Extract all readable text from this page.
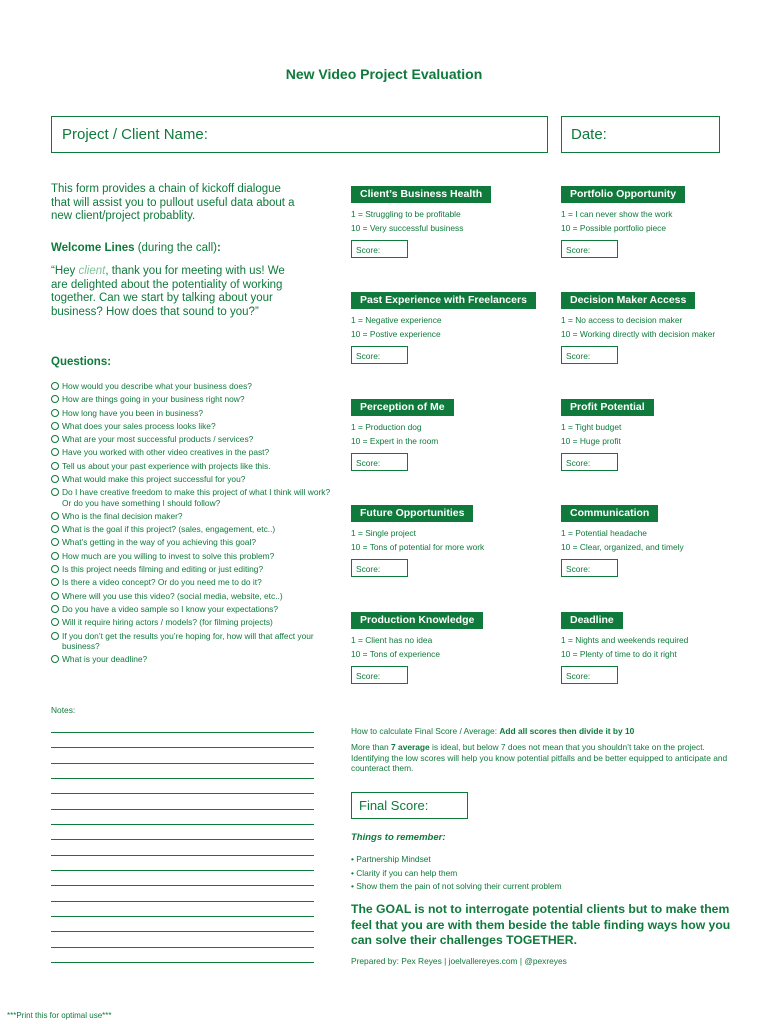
New Video Project Evaluation
Project / Client Name:	Date:
This form provides a chain of kickoff dialogue that will assist you to pullout useful data about a new client/project probablity.
Welcome Lines (during the call):
“Hey client, thank you for meeting with us! We are delighted about the potentiality of working together. Can we start by talking about your business? How does that sound to you?”
Questions:
How would you describe what your business does?
How are things going in your business right now?
How long have you been in business?
What does your sales process looks like?
What are your most successful products / services?
Have you worked with other video creatives in the past?
Tell us about your past experience with projects like this.
What would make this project successful for you?
Do I have creative freedom to make this project of what I think will work? Or do you have something I should follow?
Who is the final decision maker?
What is the goal if this project? (sales, engagement, etc..)
What’s getting in the way of you achieving this goal?
How much are you willing to invest to solve this problem?
Is this project needs filming and editing or just editing?
Is there a video concept? Or do you need me to do it?
Where will you use this video? (social media, website, etc..)
Do you have a video sample so I know your expectations?
Will it require hiring actors / models? (for filming projects)
If you don’t get the results you’re hoping for, how will that affect your business?
What is your deadline?
Client’s Business Health
1 = Struggling to be profitable
10 = Very successful business
Score:
Portfolio Opportunity
1 = I can never show the work
10 = Possible portfolio piece
Score:
Past Experience with Freelancers
1 = Negative experience
10 = Postive experience
Score:
Decision Maker Access
1 = No access to decision maker
10 = Working directly with decision maker
Score:
Perception of Me
1 = Production dog
10 = Expert in the room
Score:
Profit Potential
1 = Tight budget
10 = Huge profit
Score:
Future Opportunities
1 = Single project
10 = Tons of potential for more work
Score:
Communication
1 = Potential headache
10 = Clear, organized, and timely
Score:
Production Knowledge
1 = Client has no idea
10 = Tons of experience
Score:
Deadline
1 = Nights and weekends required
10 = Plenty of time to do it right
Score:
Notes:
How to calculate Final Score / Average: Add all scores then divide it by 10
More than 7 average is ideal, but below 7 does not mean that you shouldn’t take on the project. Identifying the low scores will help you know potential pitfalls and be better equipped to anticipate and counteract them.
Final Score:
Things to remember:
• Partnership Mindset
• Clarity if you can help them
• Show them the pain of not solving their current problem
The GOAL is not to interrogate potential clients but to make them feel that you are with them beside the table finding ways how you can solve their challenges TOGETHER.
Prepared by: Pex Reyes | joelvallereyes.com | @pexreyes
***Print this for optimal use***
